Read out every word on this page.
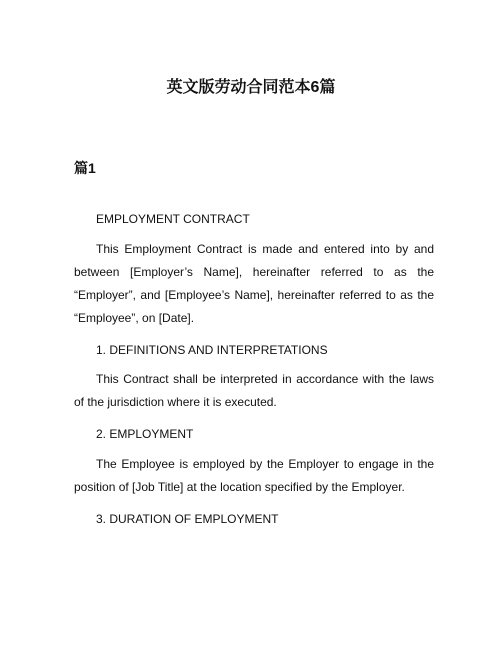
英文版劳动合同范本6篇
篇1

EMPLOYMENT CONTRACT

This Employment Contract is made and entered into by and between [Employer’s Name], hereinafter referred to as the “Employer”, and [Employee’s Name], hereinafter referred to as the “Employee”, on [Date].

1. DEFINITIONS AND INTERPRETATIONS

This Contract shall be interpreted in accordance with the laws of the jurisdiction where it is executed.

2. EMPLOYMENT

The Employee is employed by the Employer to engage in the position of [Job Title] at the location specified by the Employer.

3. DURATION OF EMPLOYMENT
